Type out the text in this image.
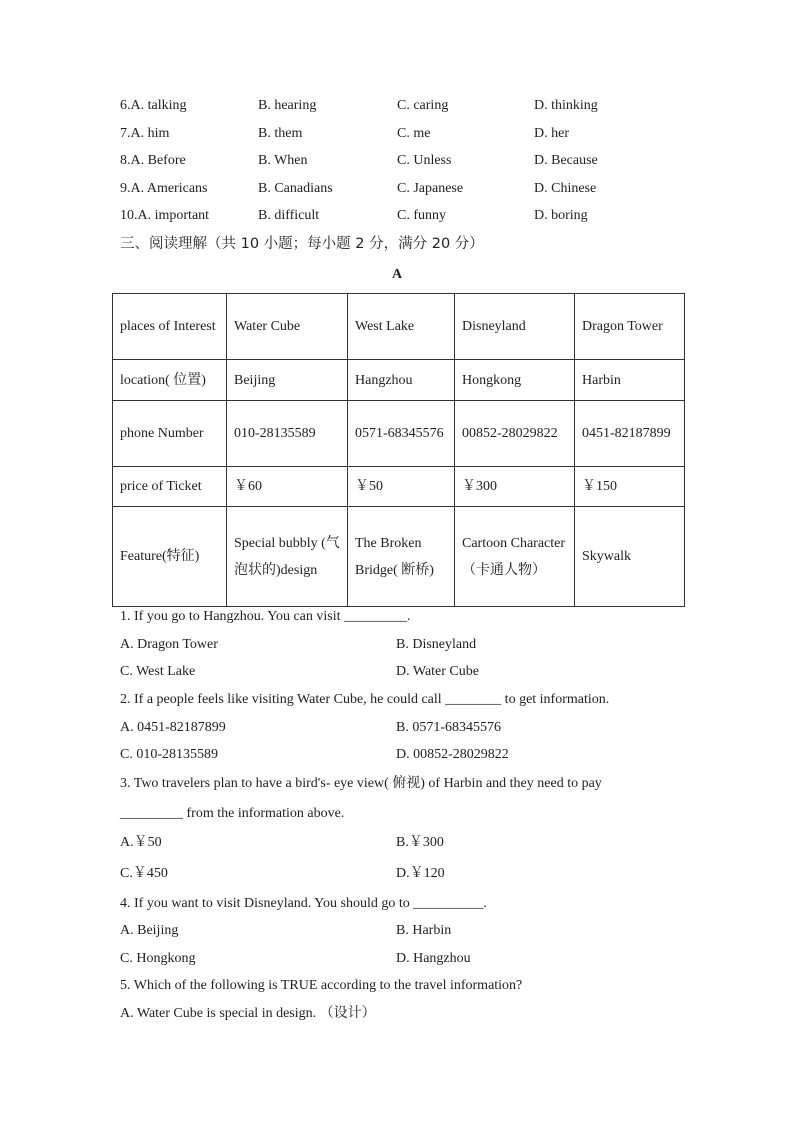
6.A. talking	B. hearing	C. caring	D. thinking
7.A. him	B. them	C. me	D. her
8.A. Before	B. When	C. Unless	D. Because
9.A. Americans	B. Canadians	C. Japanese	D. Chinese
10.A. important	B. difficult	C. funny	D. boring
三、阅读理解（共 10 小题；每小题 2 分，满分 20 分）
A
places of Interest	Water Cube	West Lake	Disneyland	Dragon Tower
location( 位置)	Beijing	Hangzhou	Hongkong	Harbin
phone Number	010-28135589	0571-68345576	00852-28029822	0451-82187899
price of Ticket	￥60	￥50	￥300	￥150
Feature(特征)	Special bubbly (气泡状的)design	The Broken Bridge( 断桥)	Cartoon Character（卡通人物）	Skywalk
1. If you go to Hangzhou. You can visit _________.
A. Dragon Tower	B. Disneyland
C. West Lake	D. Water Cube
2. If a people feels like visiting Water Cube, he could call ________ to get information.
A. 0451-82187899	B. 0571-68345576
C. 010-28135589	D. 00852-28029822
3. Two travelers plan to have a bird's- eye view( 俯视) of Harbin and they need to pay
_________ from the information above.
A.￥50	B.￥300
C.￥450	D.￥120
4. If you want to visit Disneyland. You should go to __________.
A. Beijing	B. Harbin
C. Hongkong	D. Hangzhou
5. Which of the following is TRUE according to the travel information?
A. Water Cube is special in design. （设计）
